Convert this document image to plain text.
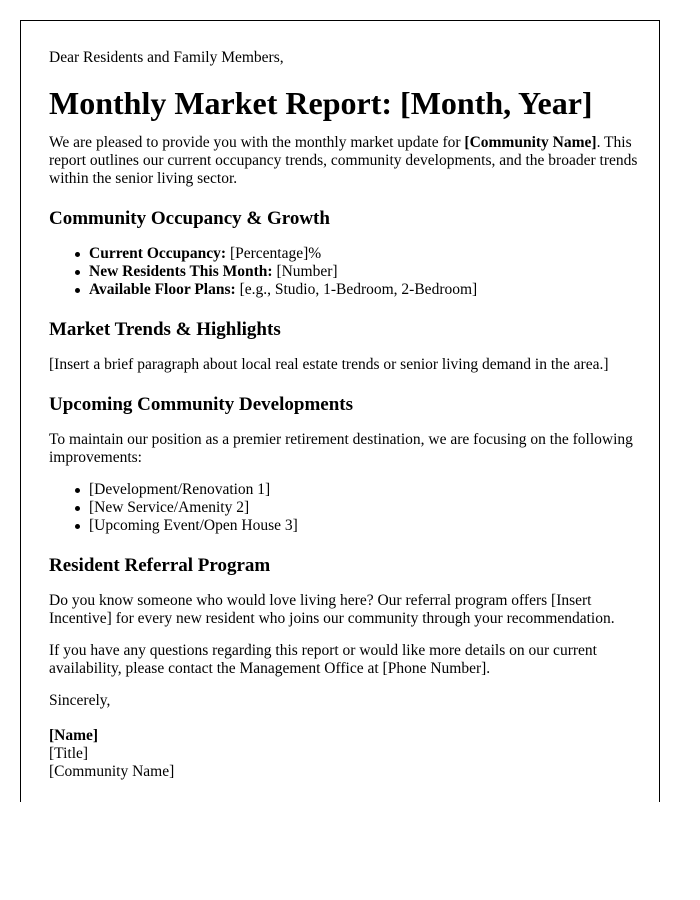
Dear Residents and Family Members,

Monthly Market Report: [Month, Year]

We are pleased to provide you with the monthly market update for [Community Name]. This report outlines our current occupancy trends, community developments, and the broader trends within the senior living sector.

Community Occupancy & Growth
Current Occupancy: [Percentage]%
New Residents This Month: [Number]
Available Floor Plans: [e.g., Studio, 1-Bedroom, 2-Bedroom]
Market Trends & Highlights

[Insert a brief paragraph about local real estate trends or senior living demand in the area.]

Upcoming Community Developments

To maintain our position as a premier retirement destination, we are focusing on the following improvements:

[Development/Renovation 1]
[New Service/Amenity 2]
[Upcoming Event/Open House 3]
Resident Referral Program

Do you know someone who would love living here? Our referral program offers [Insert Incentive] for every new resident who joins our community through your recommendation.

If you have any questions regarding this report or would like more details on our current availability, please contact the Management Office at [Phone Number].

Sincerely,

[Name]

[Title]

[Community Name]
